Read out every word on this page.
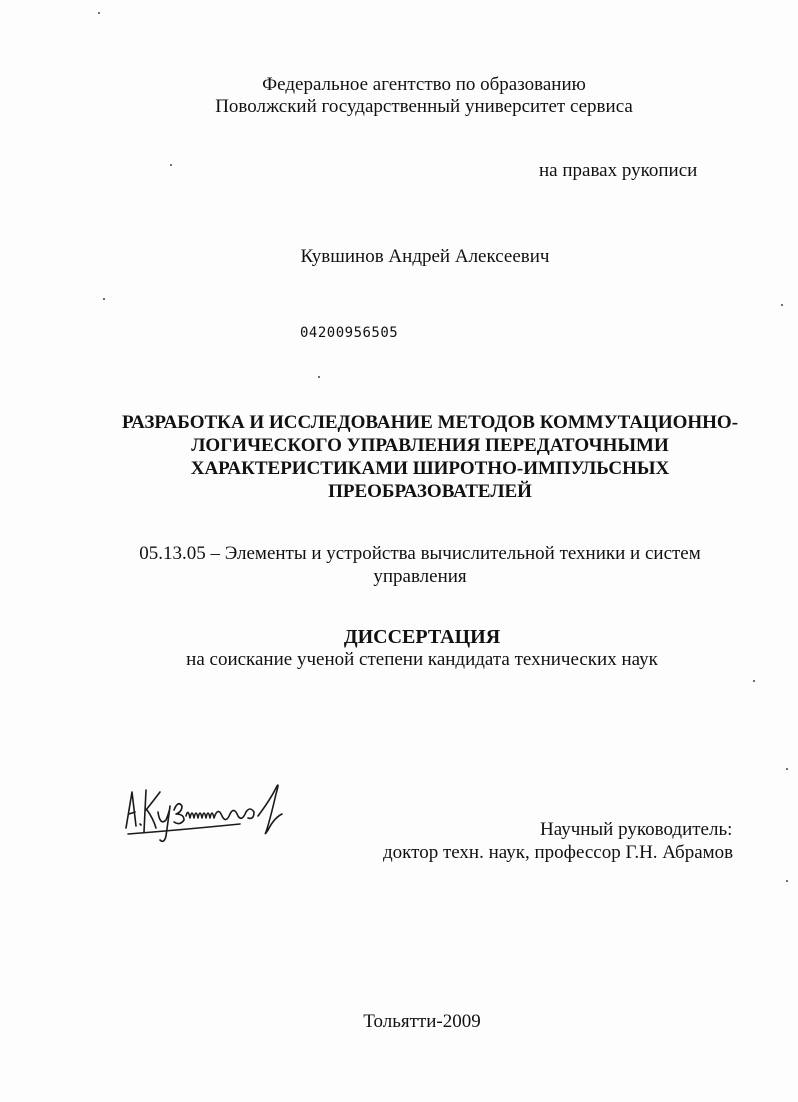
Федеральное агентство по образованию
Поволжский государственный университет сервиса
на правах рукописи
Кувшинов Андрей Алексеевич
04200956505
РАЗРАБОТКА И ИССЛЕДОВАНИЕ МЕТОДОВ КОММУТАЦИОННО-
ЛОГИЧЕСКОГО УПРАВЛЕНИЯ ПЕРЕДАТОЧНЫМИ
ХАРАКТЕРИСТИКАМИ ШИРОТНО-ИМПУЛЬСНЫХ
ПРЕОБРАЗОВАТЕЛЕЙ
05.13.05 – Элементы и устройства вычислительной техники и систем
управления
ДИССЕРТАЦИЯ
на соискание ученой степени кандидата технических наук
Научный руководитель:
доктор техн. наук, профессор Г.Н. Абрамов
Тольятти-2009
